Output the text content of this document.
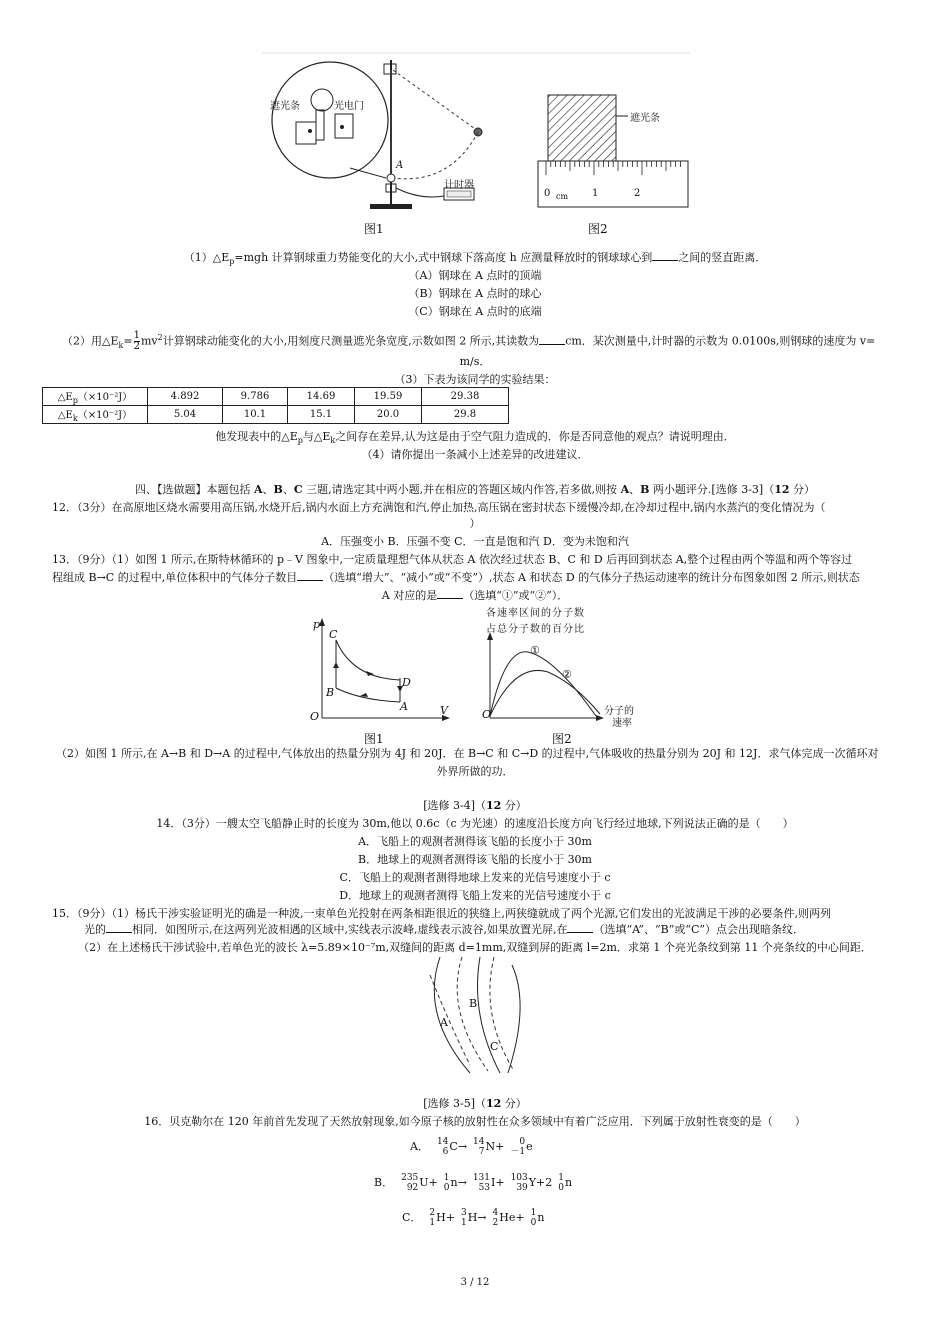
遮光条	光电门
A
计时器
遮光条
0 cm 1	2
图1	图2
$(1)\triangle E_p=mgh$ 计算钢球重力势能变化的大小,式中钢球下落高度 h 应测量释放时的钢球球心到 之间的竖直距离．
（A）钢球在 A 点时的顶端
（B）钢球在 A 点时的球心
（C）钢球在 A 点时的底端
（2）用$\triangle E_k= \frac{1}{2} mv^2$计算钢球动能变化的大小,用刻度尺测量遮光条宽度,示数如图 2 所示,其读数为 cm．某次测量中,计时器的示数为 0.0100s,则钢球的速度为 v=
m/s．
（3）下表为该同学的实验结果：
$\triangle E_p(\times 10^{-2}J)$	4.892	9.786	14.69	19.59	29.38
$\triangle E_k(\times 10^{-2}J)$	5.04	10.1	15.1	20.0	29.8
他发现表中的$\triangle E_p$与$\triangle E_k$之间存在差异,认为这是由于空气阻力造成的．你是否同意他的观点？请说明理由．
（4）请你提出一条减小上述差异的改进建议．
四、【选做题】本题包括 A、B、C 三题,请选定其中两小题,并在相应的答题区域内作答,若多做,则按 A、B 两小题评分.[选修 3-3]（12 分）
12．（3分）在高原地区烧水需要用高压锅,水烧开后,锅内水面上方充满饱和汽,停止加热,高压锅在密封状态下缓慢冷却,在冷却过程中,锅内水蒸汽的变化情况为（
）
A．压强变小 B．压强不变 C．一直是饱和汽 D．变为未饱和汽
13．（9分）（1）如图 1 所示,在斯特林循环的 p﹣V 图象中,一定质量理想气体从状态 A 依次经过状态 B、C 和 D 后再回到状态 A,整个过程由两个等温和两个等容过
程组成 B→C 的过程中,单位体积中的气体分子数目 （选填“增大”、“减小”或“不变”）,状态 A 和状态 D 的气体分子热运动速率的统计分布图象如图 2 所示,则状态
A 对应的是 （选填“①”或“②”）．
p
V
O
A
B
C
D
各速率区间的分子数
占总分子数的百分比
①
②
O	分子的
速率
图1	图2
（2）如图 1 所示,在 A→B 和 D→A 的过程中,气体放出的热量分别为 4J 和 20J．在 B→C 和 C→D 的过程中,气体吸收的热量分别为 20J 和 12J．求气体完成一次循环对
外界所做的功．
[选修 3-4]（12 分）
14．（3分）一艘太空飞船静止时的长度为 30m,他以 0.6c（c 为光速）的速度沿长度方向飞行经过地球,下列说法正确的是（　　）
A．飞船上的观测者测得该飞船的长度小于 30m
B．地球上的观测者测得该飞船的长度小于 30m
C．飞船上的观测者测得地球上发来的光信号速度小于 c
D．地球上的观测者测得飞船上发来的光信号速度小于 c
15．（9分）（1）杨氏干涉实验证明光的确是一种波,一束单色光投射在两条相距很近的狭缝上,两狭缝就成了两个光源,它们发出的光波满足干涉的必要条件,则两列
光的 相同．如图所示,在这两列光波相遇的区域中,实线表示波峰,虚线表示波谷,如果放置光屏,在 （选填“A”、“B”或“C”）点会出现暗条纹．
（2）在上述杨氏干涉试验中,若单色光的波长 λ=5.89×10⁻⁷m,双缝间的距离 d=1mm,双缝到屏的距离 l=2m．求第 1 个亮光条纹到第 11 个亮条纹的中心间距．
A
B
C
[选修 3-5]（12 分）
16．贝克勒尔在 120 年前首先发现了天然放射现象,如今原子核的放射性在众多领域中有着广泛应用．下列属于放射性衰变的是（　　）
A． 14
6 C→ 14
7 N+	0
－1 e
B． 235
92 U+ 1
0 n→ 131
53 I+ 103
39 Y+2 1
0 n
C． 2
1 H+ 3
1 H→ 4
2 He+ 1
0 n
3 / 12
